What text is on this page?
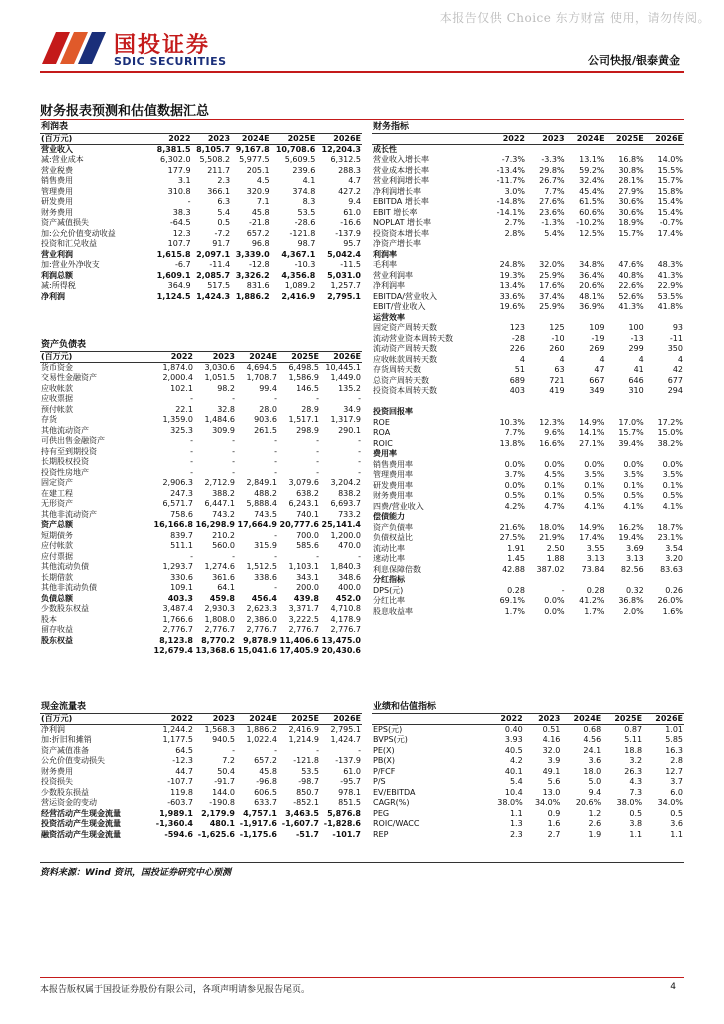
本报告仅供 Choice 东方财富 使用，请勿传阅。
国投证券
SDIC SECURITIES	公司快报/银泰黄金
财务报表预测和估值数据汇总
利润表					
(百万元)	2022	2023	2024E	2025E	2026E
营业收入	8,381.5	8,105.7	9,167.8	10,708.6	12,204.3
减:营业成本	6,302.0	5,508.2	5,977.5	5,609.5	6,312.5
营业税费	177.9	211.7	205.1	239.6	288.3
销售费用	3.1	2.3	4.5	4.1	4.7
管理费用	310.8	366.1	320.9	374.8	427.2
研发费用	-	6.3	7.1	8.3	9.4
财务费用	38.3	5.4	45.8	53.5	61.0
资产减值损失	-64.5	0.5	-21.8	-28.6	-16.6
加:公允价值变动收益	12.3	-7.2	657.2	-121.8	-137.9
投资和汇兑收益	107.7	91.7	96.8	98.7	95.7
营业利润	1,615.8	2,097.1	3,339.0	4,367.1	5,042.4
加:营业外净收支	-6.7	-11.4	-12.8	-10.3	-11.5
利润总额	1,609.1	2,085.7	3,326.2	4,356.8	5,031.0
减:所得税	364.9	517.5	831.6	1,089.2	1,257.7
净利润	1,124.5	1,424.3	1,886.2	2,416.9	2,795.1
资产负债表					
(百万元)	2022	2023	2024E	2025E	2026E
货币资金	1,874.0	3,030.6	4,694.5	6,498.5	10,445.1
交易性金融资产	2,000.4	1,051.5	1,708.7	1,586.9	1,449.0
应收帐款	102.1	98.2	99.4	146.5	135.2
应收票据	-	-	-	-	-
预付帐款	22.1	32.8	28.0	28.9	34.9
存货	1,359.0	1,484.6	903.6	1,517.1	1,317.9
其他流动资产	325.3	309.9	261.5	298.9	290.1
可供出售金融资产	-	-	-	-	-
持有至到期投资	-	-	-	-	-
长期股权投资	-	-	-	-	-
投资性房地产	-	-	-	-	-
固定资产	2,906.3	2,712.9	2,849.1	3,079.6	3,204.2
在建工程	247.3	388.2	488.2	638.2	838.2
无形资产	6,571.7	6,447.1	5,888.4	6,243.1	6,693.7
其他非流动资产	758.6	743.2	743.5	740.1	733.2
资产总额	16,166.8	16,298.9	17,664.9	20,777.6	25,141.4
短期债务	839.7	210.2	-	700.0	1,200.0
应付帐款	511.1	560.0	315.9	585.6	470.0
应付票据	-	-	-	-	-
其他流动负债	1,293.7	1,274.6	1,512.5	1,103.1	1,840.3
长期借款	330.6	361.6	338.6	343.1	348.6
其他非流动负债	109.1	64.1	-	200.0	400.0
负债总额	403.3	459.8	456.4	439.8	452.0
少数股东权益	3,487.4	2,930.3	2,623.3	3,371.7	4,710.8
股本	1,766.6	1,808.0	2,386.0	3,222.5	4,178.9
留存收益	2,776.7	2,776.7	2,776.7	2,776.7	2,776.7
股东权益	8,123.8	8,770.2	9,878.9	11,406.6	13,475.0
	12,679.4	13,368.6	15,041.6	17,405.9	20,430.6
现金流量表					
(百万元)	2022	2023	2024E	2025E	2026E
净利润	1,244.2	1,568.3	1,886.2	2,416.9	2,795.1
加:折旧和摊销	1,177.5	940.5	1,022.4	1,214.9	1,424.7
资产减值准备	64.5	-	-	-	-
公允价值变动损失	-12.3	7.2	657.2	-121.8	-137.9
财务费用	44.7	50.4	45.8	53.5	61.0
投资损失	-107.7	-91.7	-96.8	-98.7	-95.7
少数股东损益	119.8	144.0	606.5	850.7	978.1
营运资金的变动	-603.7	-190.8	633.7	-852.1	851.5
经营活动产生现金流量	1,989.1	2,179.9	4,757.1	3,463.5	5,876.8
投资活动产生现金流量	-1,360.4	480.1	-1,917.6	-1,607.7	-1,828.6
融资活动产生现金流量	-594.6	-1,625.6	-1,175.6	-51.7	-101.7
财务指标					
	2022	2023	2024E	2025E	2026E
成长性					
营业收入增长率	-7.3%	-3.3%	13.1%	16.8%	14.0%
营业成本增长率	-13.4%	29.8%	59.2%	30.8%	15.5%
营业利润增长率	-11.7%	26.7%	32.4%	28.1%	15.7%
净利润增长率	3.0%	7.7%	45.4%	27.9%	15.8%
EBITDA 增长率	-14.8%	27.6%	61.5%	30.6%	15.4%
EBIT 增长率	-14.1%	23.6%	60.6%	30.6%	15.4%
NOPLAT 增长率	2.7%	-1.3%	-10.2%	18.9%	-0.7%
投资资本增长率	2.8%	5.4%	12.5%	15.7%	17.4%
净资产增长率					
利润率					
毛利率	24.8%	32.0%	34.8%	47.6%	48.3%
营业利润率	19.3%	25.9%	36.4%	40.8%	41.3%
净利润率	13.4%	17.6%	20.6%	22.6%	22.9%
EBITDA/营业收入	33.6%	37.4%	48.1%	52.6%	53.5%
EBIT/营业收入	19.6%	25.9%	36.9%	41.3%	41.8%
运营效率					
固定资产周转天数	123	125	109	100	93
流动营业资本周转天数	-28	-10	-19	-13	-11
流动资产周转天数	226	260	269	299	350
应收帐款周转天数	4	4	4	4	4
存货周转天数	51	63	47	41	42
总资产周转天数	689	721	667	646	677
投资资本周转天数	403	419	349	310	294

投资回报率					
ROE	10.3%	12.3%	14.9%	17.0%	17.2%
ROA	7.7%	9.6%	14.1%	15.7%	15.0%
ROIC	13.8%	16.6%	27.1%	39.4%	38.2%
费用率					
销售费用率	0.0%	0.0%	0.0%	0.0%	0.0%
管理费用率	3.7%	4.5%	3.5%	3.5%	3.5%
研发费用率	0.0%	0.1%	0.1%	0.1%	0.1%
财务费用率	0.5%	0.1%	0.5%	0.5%	0.5%
四费/营业收入	4.2%	4.7%	4.1%	4.1%	4.1%
偿债能力					
资产负债率	21.6%	18.0%	14.9%	16.2%	18.7%
负债权益比	27.5%	21.9%	17.4%	19.4%	23.1%
流动比率	1.91	2.50	3.55	3.69	3.54
速动比率	1.45	1.88	3.13	3.13	3.20
利息保障倍数	42.88	387.02	73.84	82.56	83.63
分红指标					
DPS(元)	0.28	-	0.28	0.32	0.26
分红比率	69.1%	0.0%	41.2%	36.8%	26.0%
股息收益率	1.7%	0.0%	1.7%	2.0%	1.6%
业绩和估值指标					
	2022	2023	2024E	2025E	2026E
EPS(元)	0.40	0.51	0.68	0.87	1.01
BVPS(元)	3.93	4.16	4.56	5.11	5.85
PE(X)	40.5	32.0	24.1	18.8	16.3
PB(X)	4.2	3.9	3.6	3.2	2.8
P/FCF	40.1	49.1	18.0	26.3	12.7
P/S	5.4	5.6	5.0	4.3	3.7
EV/EBITDA	10.4	13.0	9.4	7.3	6.0
CAGR(%)	38.0%	34.0%	20.6%	38.0%	34.0%
PEG	1.1	0.9	1.2	0.5	0.5
ROIC/WACC	1.3	1.6	2.6	3.8	3.6
REP	2.3	2.7	1.9	1.1	1.1
资料来源：Wind 资讯，国投证券研究中心预测
本报告版权属于国投证券股份有限公司，各项声明请参见报告尾页。	4
